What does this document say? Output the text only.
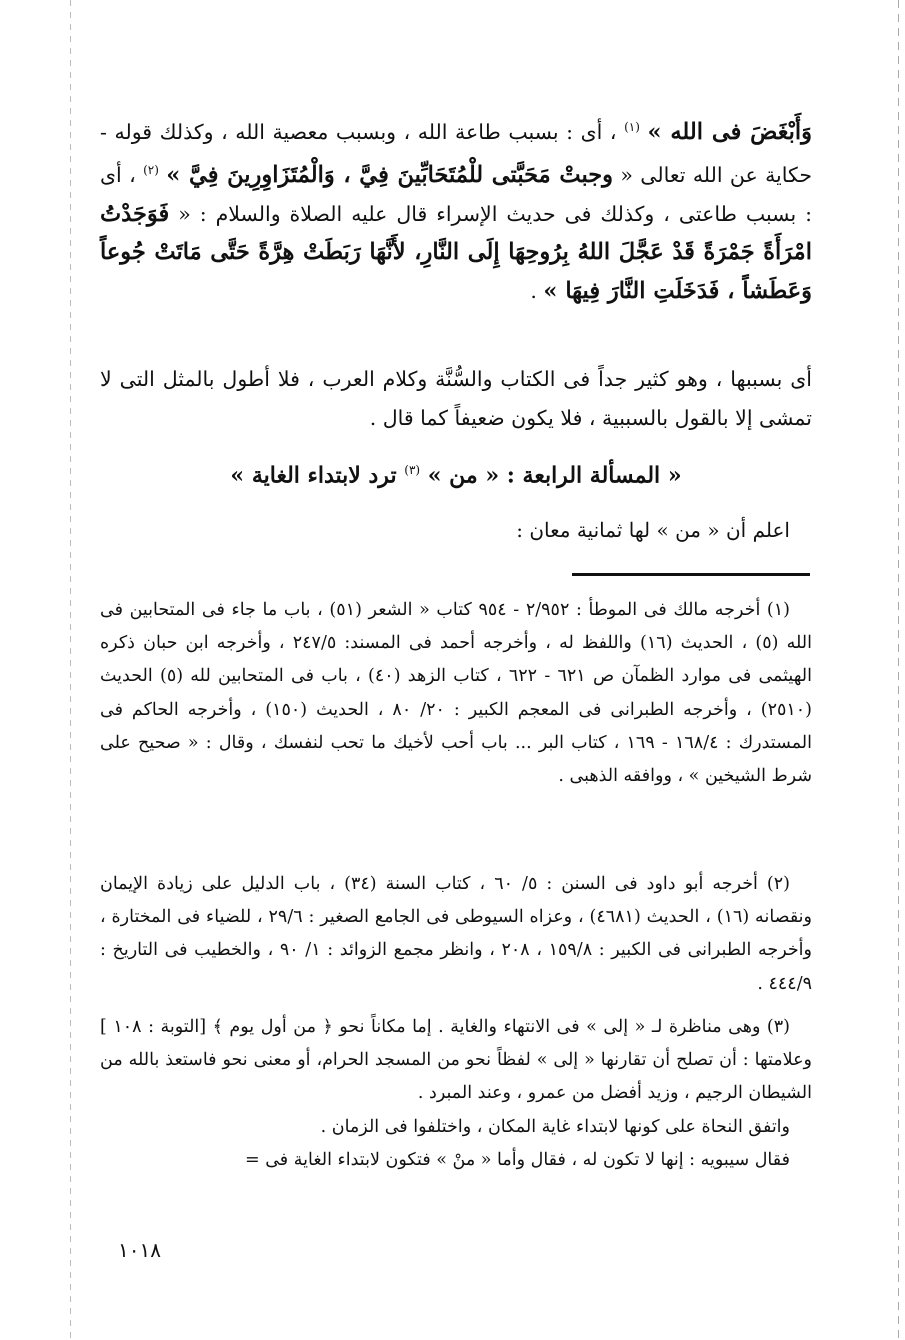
وَأَبْغَضَ فى الله » $^{(١)}$ ، أى : بسبب طاعة الله ، وبسبب معصية الله ، وكذلك قوله - حكاية عن الله تعالى « وجبتْ مَحَبَّتى للْمُتَحَابِّينَ فِيَّ ، وَالْمُتَزَاوِرِينَ فِيَّ » $^{(٢)}$ ، أى : بسبب طاعتى ، وكذلك فى حديث الإسراء قال عليه الصلاة والسلام : « فَوَجَدْتُ امْرَأَةً جَمْرَةً قَدْ عَجَّلَ اللهُ بِرُوحِهَا إِلَى النَّارِ، لأَنَّهَا رَبَطَتْ هِرَّةً حَتَّى مَاتَتْ جُوعاً وَعَطَشاً ، فَدَخَلَتِ النَّارَ فِيهَا » .

أى بسببها ، وهو كثير جداً فى الكتاب والسُّنَّة وكلام العرب ، فلا أطول بالمثل التى لا تمشى إلا بالقول بالسببية ، فلا يكون ضعيفاً كما قال .

« المسألة الرابعة : « من » $^{(٣)}$ ترد لابتداء الغاية »
اعلم أن « من » لها ثمانية معان :

(١) أخرجه مالك فى الموطأ : ٢/٩٥٢ - ٩٥٤ كتاب « الشعر (٥١) ، باب ما جاء فى المتحابين فى الله (٥) ، الحديث (١٦) واللفظ له ، وأخرجه أحمد فى المسند: ٢٤٧/٥ ، وأخرجه ابن حبان ذكره الهيثمى فى موارد الظمآن ص ٦٢١ - ٦٢٢ ، كتاب الزهد (٤٠) ، باب فى المتحابين لله (٥) الحديث (٢٥١٠) ، وأخرجه الطبرانى فى المعجم الكبير : ٢٠/ ٨٠ ، الحديث (١٥٠) ، وأخرجه الحاكم فى المستدرك : ١٦٨/٤ - ١٦٩ ، كتاب البر ... باب أحب لأخيك ما تحب لنفسك ، وقال : « صحيح على شرط الشيخين » ، ووافقه الذهبى .

(٢) أخرجه أبو داود فى السنن : ٥/ ٦٠ ، كتاب السنة (٣٤) ، باب الدليل على زيادة الإيمان ونقصانه (١٦) ، الحديث (٤٦٨١) ، وعزاه السيوطى فى الجامع الصغير : ٢٩/٦ ، للضياء فى المختارة ، وأخرجه الطبرانى فى الكبير : ١٥٩/٨ ، ٢٠٨ ، وانظر مجمع الزوائد : ١/ ٩٠ ، والخطيب فى التاريخ : ٤٤٤/٩ .

(٣) وهى مناظرة لـ « إلى » فى الانتهاء والغاية . إما مكاناً نحو ﴿ من أول يوم ﴾ [التوبة : ١٠٨ ] وعلامتها : أن تصلح أن تقارنها « إلى » لفظاً نحو من المسجد الحرام، أو معنى نحو فاستعذ بالله من الشيطان الرجيم ، وزيد أفضل من عمرو ، وعند المبرد .

واتفق النحاة على كونها لابتداء غاية المكان ، واختلفوا فى الزمان .

فقال سيبويه : إنها لا تكون له ، فقال وأما « منْ » فتكون لابتداء الغاية فى =

١٠١٨
